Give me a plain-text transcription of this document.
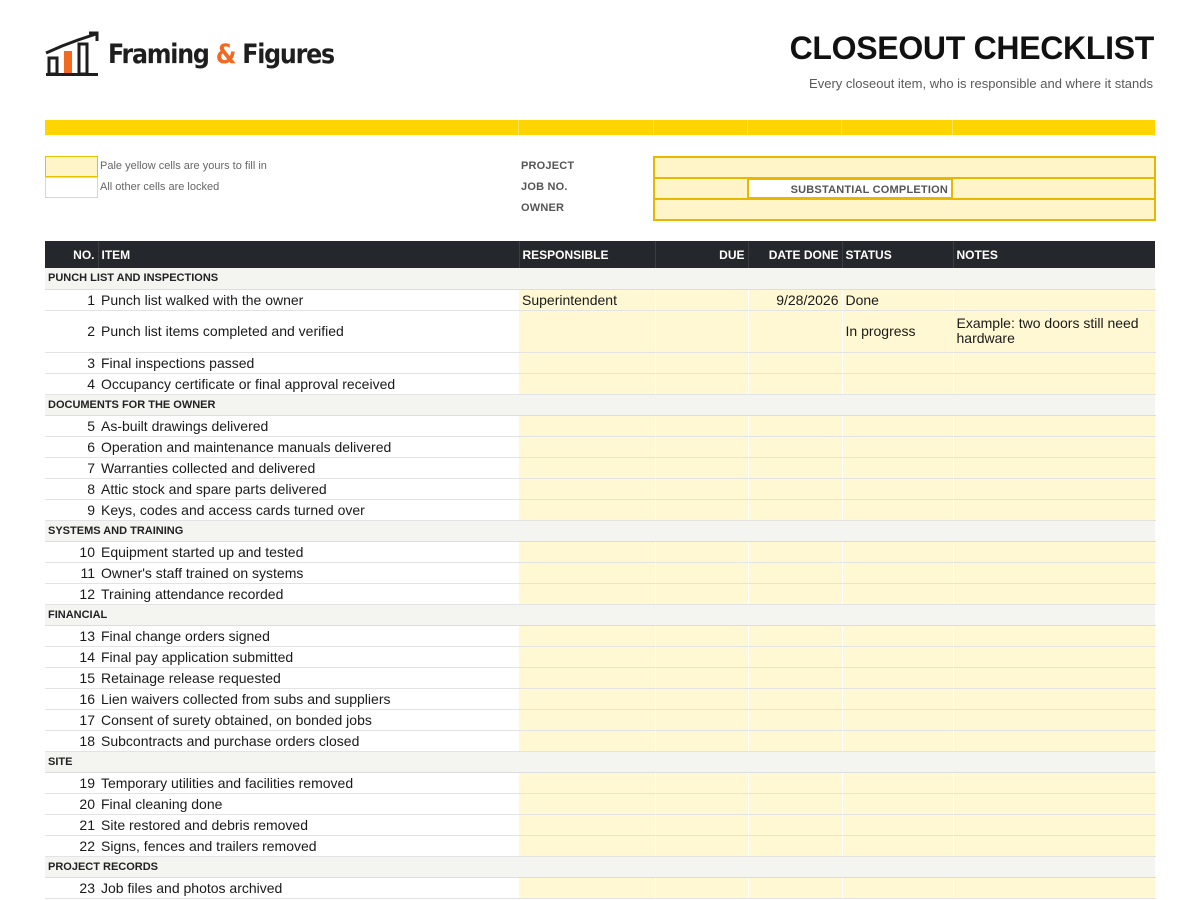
Framing & Figures	CLOSEOUT CHECKLIST
Every closeout item, who is responsible and where it stands
Pale yellow cells are yours to fill in
All other cells are locked
PROJECT
JOB NO.
OWNER
SUBSTANTIAL COMPLETION
NO.	ITEM	RESPONSIBLE	DUE	DATE DONE	STATUS	NOTES
PUNCH LIST AND INSPECTIONS						
1	Punch list walked with the owner	Superintendent		9/28/2026	Done	
2	Punch list items completed and verified				In progress	Example: two doors still need hardware
3	Final inspections passed					
4	Occupancy certificate or final approval received					
DOCUMENTS FOR THE OWNER						
5	As-built drawings delivered					
6	Operation and maintenance manuals delivered					
7	Warranties collected and delivered					
8	Attic stock and spare parts delivered					
9	Keys, codes and access cards turned over					
SYSTEMS AND TRAINING						
10	Equipment started up and tested					
11	Owner's staff trained on systems					
12	Training attendance recorded					
FINANCIAL						
13	Final change orders signed					
14	Final pay application submitted					
15	Retainage release requested					
16	Lien waivers collected from subs and suppliers					
17	Consent of surety obtained, on bonded jobs					
18	Subcontracts and purchase orders closed					
SITE						
19	Temporary utilities and facilities removed					
20	Final cleaning done					
21	Site restored and debris removed					
22	Signs, fences and trailers removed					
PROJECT RECORDS						
23	Job files and photos archived					
